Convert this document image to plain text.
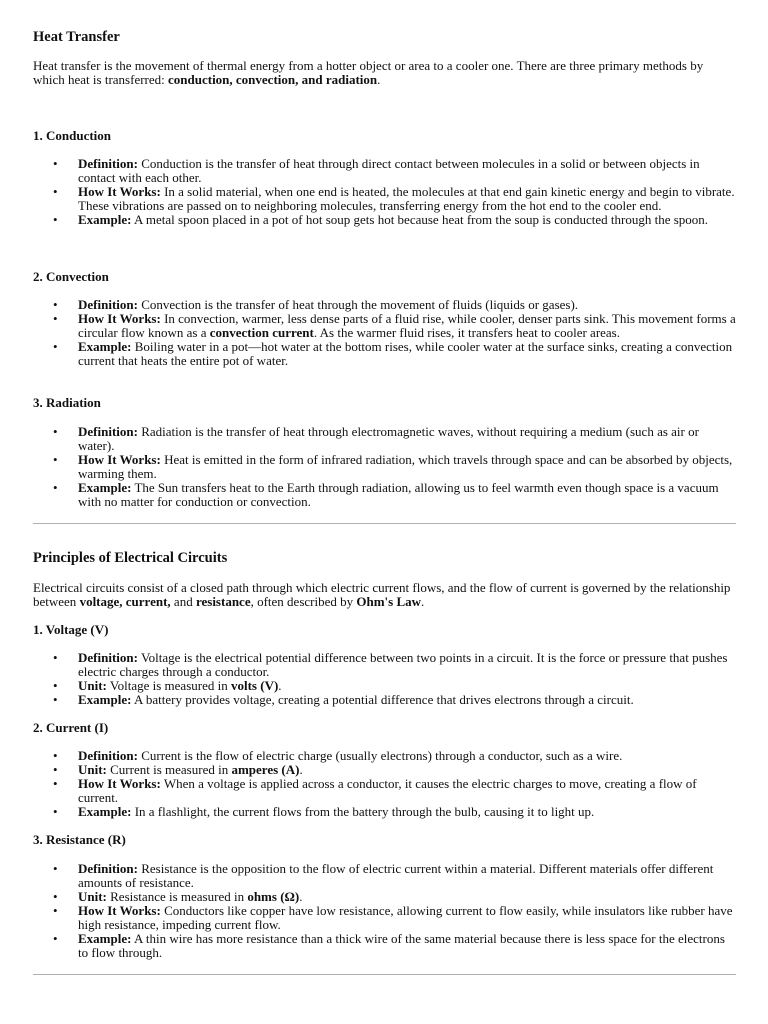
Heat Transfer

Heat transfer is the movement of thermal energy from a hotter object or area to a cooler one. There are three primary methods by which heat is transferred: conduction, convection, and radiation.

1. Conduction
• Definition: Conduction is the transfer of heat through direct contact between molecules in a solid or between objects in contact with each other.
• How It Works: In a solid material, when one end is heated, the molecules at that end gain kinetic energy and begin to vibrate. These vibrations are passed on to neighboring molecules, transferring energy from the hot end to the cooler end.
• Example: A metal spoon placed in a pot of hot soup gets hot because heat from the soup is conducted through the spoon.
2. Convection
• Definition: Convection is the transfer of heat through the movement of fluids (liquids or gases).
• How It Works: In convection, warmer, less dense parts of a fluid rise, while cooler, denser parts sink. This movement forms a circular flow known as a convection current. As the warmer fluid rises, it transfers heat to cooler areas.
• Example: Boiling water in a pot—hot water at the bottom rises, while cooler water at the surface sinks, creating a convection current that heats the entire pot of water.
3. Radiation
• Definition: Radiation is the transfer of heat through electromagnetic waves, without requiring a medium (such as air or water).
• How It Works: Heat is emitted in the form of infrared radiation, which travels through space and can be absorbed by objects, warming them.
• Example: The Sun transfers heat to the Earth through radiation, allowing us to feel warmth even though space is a vacuum with no matter for conduction or convection.
Principles of Electrical Circuits

Electrical circuits consist of a closed path through which electric current flows, and the flow of current is governed by the relationship between voltage, current, and resistance, often described by Ohm's Law.

1. Voltage (V)
• Definition: Voltage is the electrical potential difference between two points in a circuit. It is the force or pressure that pushes electric charges through a conductor.
• Unit: Voltage is measured in volts (V).
• Example: A battery provides voltage, creating a potential difference that drives electrons through a circuit.
2. Current (I)
• Definition: Current is the flow of electric charge (usually electrons) through a conductor, such as a wire.
• Unit: Current is measured in amperes (A).
• How It Works: When a voltage is applied across a conductor, it causes the electric charges to move, creating a flow of current.
• Example: In a flashlight, the current flows from the battery through the bulb, causing it to light up.
3. Resistance (R)
• Definition: Resistance is the opposition to the flow of electric current within a material. Different materials offer different amounts of resistance.
• Unit: Resistance is measured in ohms (Ω).
• How It Works: Conductors like copper have low resistance, allowing current to flow easily, while insulators like rubber have high resistance, impeding current flow.
• Example: A thin wire has more resistance than a thick wire of the same material because there is less space for the electrons to flow through.
